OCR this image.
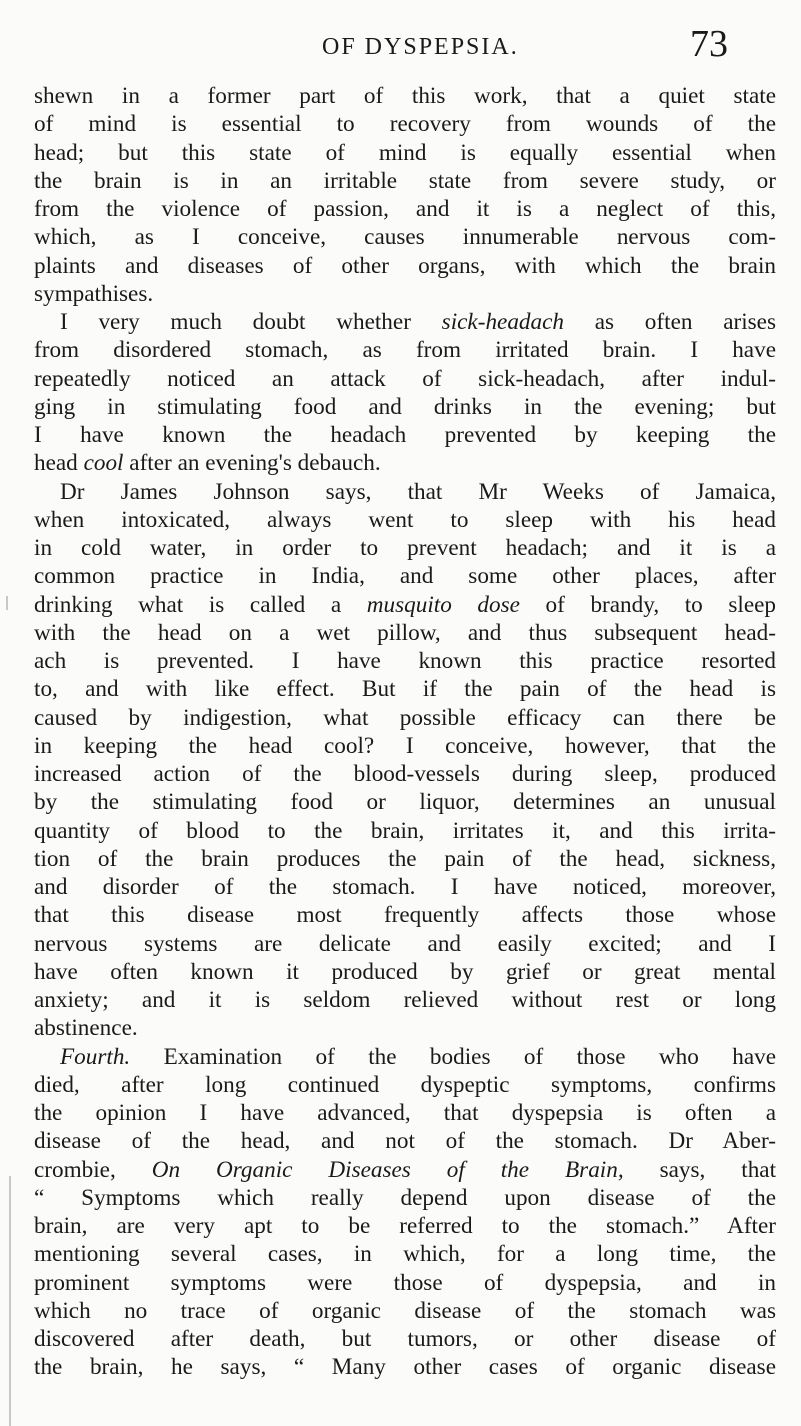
OF DYSPEPSIA.	73
shewn in a former part of this work, that a quiet state
of mind is essential to recovery from wounds of the
head; but this state of mind is equally essential when
the brain is in an irritable state from severe study, or
from the violence of passion, and it is a neglect of this,
which, as I conceive, causes innumerable nervous com-
plaints and diseases of other organs, with which the brain
sympathises.
I very much doubt whether sick-headach as often arises
from disordered stomach, as from irritated brain. I have
repeatedly noticed an attack of sick-headach, after indul-
ging in stimulating food and drinks in the evening; but
I have known the headach prevented by keeping the
head cool after an evening's debauch.
Dr James Johnson says, that Mr Weeks of Jamaica,
when intoxicated, always went to sleep with his head
in cold water, in order to prevent headach; and it is a
common practice in India, and some other places, after
drinking what is called a musquito dose of brandy, to sleep
with the head on a wet pillow, and thus subsequent head-
ach is prevented. I have known this practice resorted
to, and with like effect. But if the pain of the head is
caused by indigestion, what possible efficacy can there be
in keeping the head cool? I conceive, however, that the
increased action of the blood-vessels during sleep, produced
by the stimulating food or liquor, determines an unusual
quantity of blood to the brain, irritates it, and this irrita-
tion of the brain produces the pain of the head, sickness,
and disorder of the stomach. I have noticed, moreover,
that this disease most frequently affects those whose
nervous systems are delicate and easily excited; and I
have often known it produced by grief or great mental
anxiety; and it is seldom relieved without rest or long
abstinence.
Fourth. Examination of the bodies of those who have
died, after long continued dyspeptic symptoms, confirms
the opinion I have advanced, that dyspepsia is often a
disease of the head, and not of the stomach. Dr Aber-
crombie, On Organic Diseases of the Brain, says, that
“ Symptoms which really depend upon disease of the
brain, are very apt to be referred to the stomach.” After
mentioning several cases, in which, for a long time, the
prominent symptoms were those of dyspepsia, and in
which no trace of organic disease of the stomach was
discovered after death, but tumors, or other disease of
the brain, he says, “ Many other cases of organic disease
